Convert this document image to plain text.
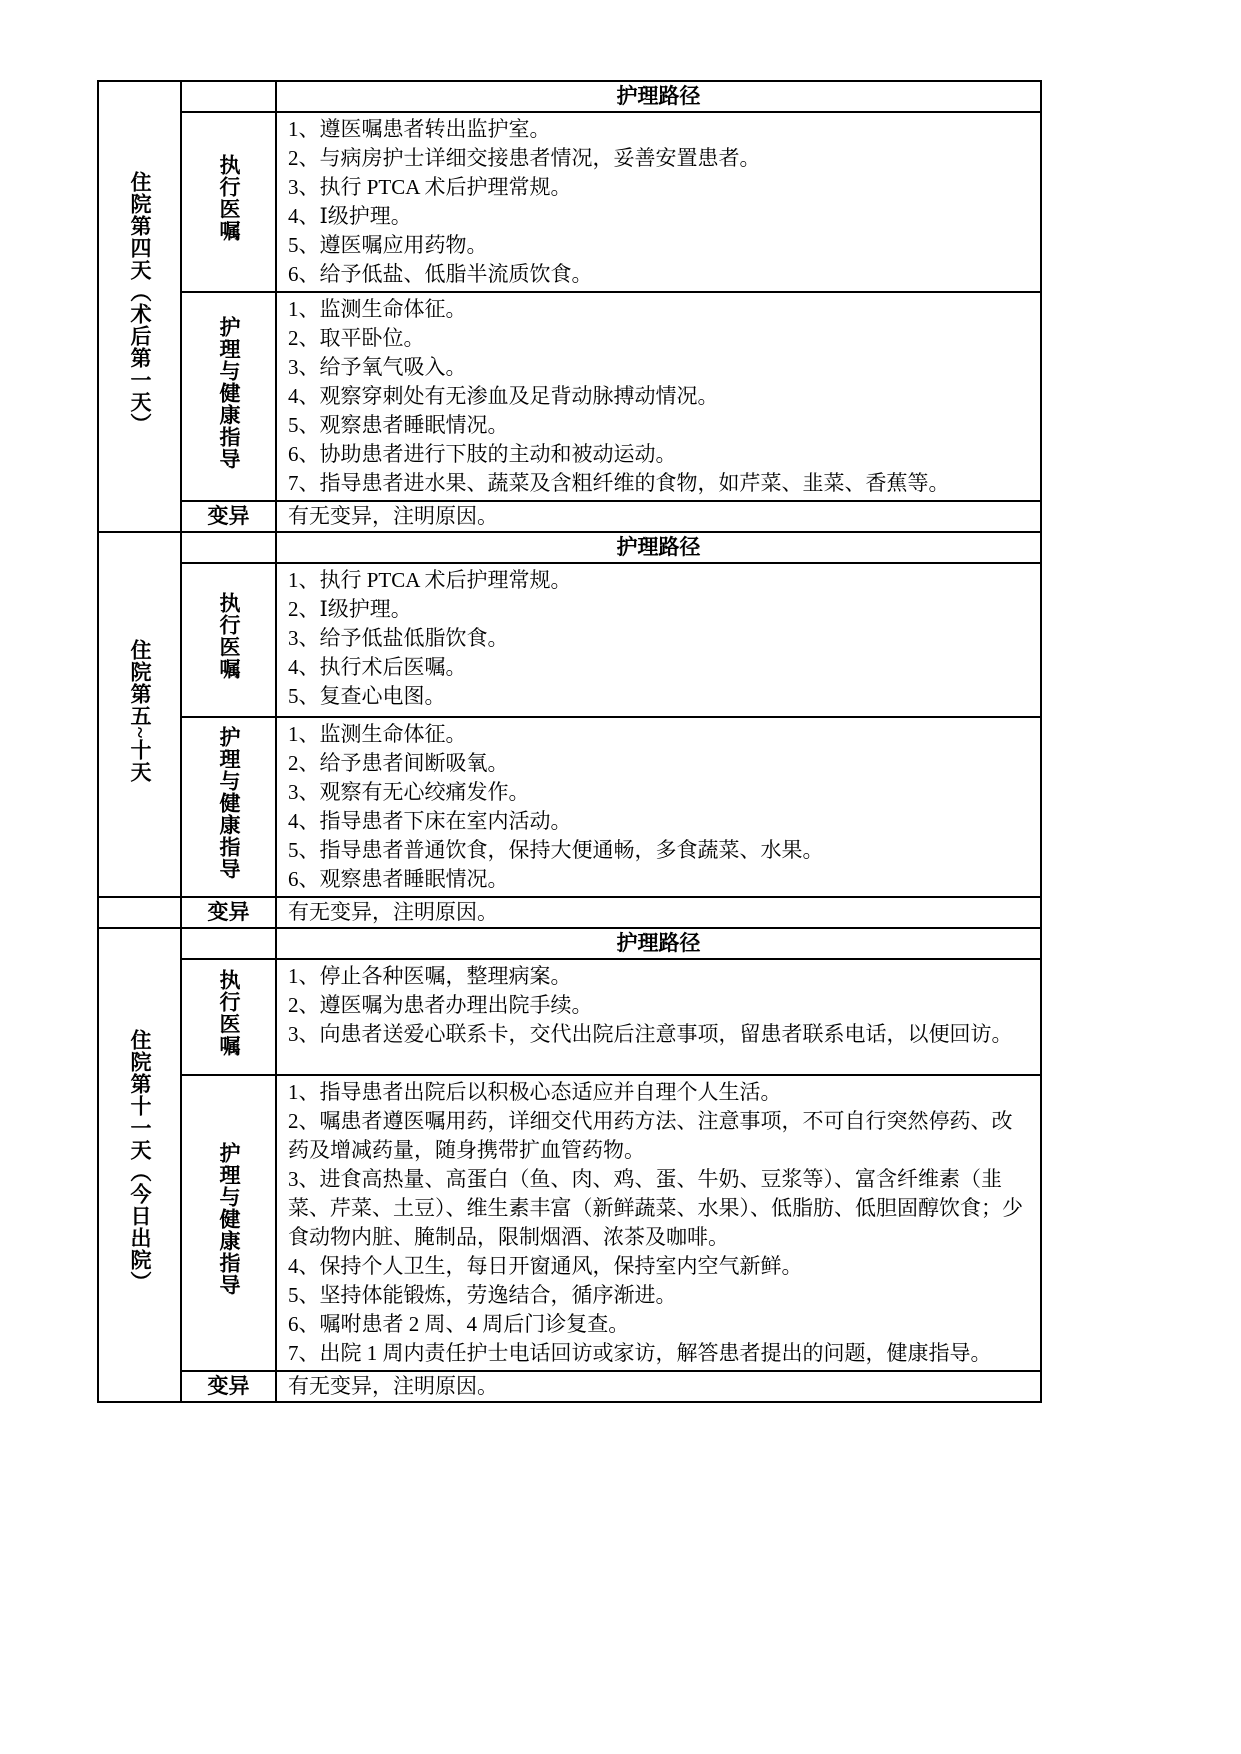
住院第四天（术后第一天）		护理路径
执行医嘱	
1、遵医嘱患者转出监护室。
2、与病房护士详细交接患者情况，妥善安置患者。
3、执行 PTCA 术后护理常规。
4、Ⅰ级护理。
5、遵医嘱应用药物。
6、给予低盐、低脂半流质饮食。

护理与健康指导	
1、监测生命体征。
2、取平卧位。
3、给予氧气吸入。
4、观察穿刺处有无渗血及足背动脉搏动情况。
5、观察患者睡眠情况。
6、协助患者进行下肢的主动和被动运动。
7、指导患者进水果、蔬菜及含粗纤维的食物，如芹菜、韭菜、香蕉等。

	变异	有无变异，注明原因。
住院第五~十天		护理路径
	执行医嘱	1、执行 PTCA 术后护理常规。
2、Ⅰ级护理。
3、给予低盐低脂饮食。
4、执行术后医嘱。
5、复查心电图。

护理与健康指导	1、监测生命体征。
2、给予患者间断吸氧。
3、观察有无心绞痛发作。
4、指导患者下床在室内活动。
5、指导患者普通饮食，保持大便通畅，多食蔬菜、水果。
6、观察患者睡眠情况。

	变异	有无变异，注明原因。
住院第十一天（今日出院）		护理路径
	执行医嘱	1、停止各种医嘱，整理病案。
2、遵医嘱为患者办理出院手续。
3、向患者送爱心联系卡，交代出院后注意事项，留患者联系电话，以便回访。

护理与健康指导	
1、指导患者出院后以积极心态适应并自理个人生活。
2、嘱患者遵医嘱用药，详细交代用药方法、注意事项，不可自行突然停药、改药及增减药量，随身携带扩血管药物。
3、进食高热量、高蛋白（鱼、肉、鸡、蛋、牛奶、豆浆等）、富含纤维素（韭菜、芹菜、土豆）、维生素丰富（新鲜蔬菜、水果）、低脂肪、低胆固醇饮食；少食动物内脏、腌制品，限制烟酒、浓茶及咖啡。
4、保持个人卫生，每日开窗通风，保持室内空气新鲜。
5、坚持体能锻炼，劳逸结合，循序渐进。
6、嘱咐患者 2 周、4 周后门诊复查。
7、出院 1 周内责任护士电话回访或家访，解答患者提出的问题，健康指导。

	变异	有无变异，注明原因。
